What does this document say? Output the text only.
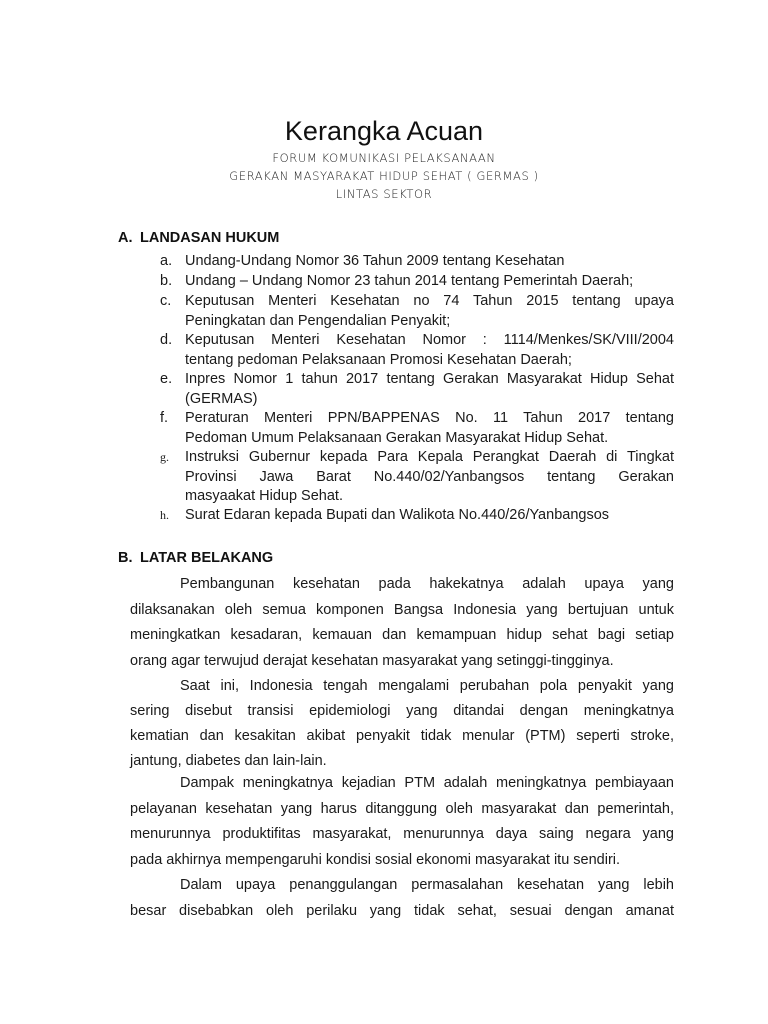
Kerangka Acuan
FORUM KOMUNIKASI PELAKSANAAN
GERAKAN MASYARAKAT HIDUP SEHAT ( GERMAS )
LINTAS SEKTOR
A. LANDASAN HUKUM
a. Undang-Undang Nomor 36 Tahun 2009 tentang Kesehatan
b. Undang – Undang Nomor 23 tahun 2014 tentang Pemerintah Daerah;
c. Keputusan Menteri Kesehatan no 74 Tahun 2015 tentang upaya
Peningkatan dan Pengendalian Penyakit;
d. Keputusan Menteri Kesehatan Nomor : 1114/Menkes/SK/VIII/2004
tentang pedoman Pelaksanaan Promosi Kesehatan Daerah;
e. Inpres Nomor 1 tahun 2017 tentang Gerakan Masyarakat Hidup Sehat
(GERMAS)
f.	Peraturan Menteri PPN/BAPPENAS No. 11 Tahun 2017 tentang
Pedoman Umum Pelaksanaan Gerakan Masyarakat Hidup Sehat.
g.	Instruksi Gubernur kepada Para Kepala Perangkat Daerah di Tingkat
Provinsi Jawa Barat No.440/02/Yanbangsos tentang Gerakan
masyaakat Hidup Sehat.
h.	Surat Edaran kepada Bupati dan Walikota No.440/26/Yanbangsos
B. LATAR BELAKANG
Pembangunan kesehatan pada hakekatnya adalah upaya yang
dilaksanakan oleh semua komponen Bangsa Indonesia yang bertujuan untuk
meningkatkan kesadaran, kemauan dan kemampuan hidup sehat bagi setiap
orang agar terwujud derajat kesehatan masyarakat yang setinggi-tingginya.
Saat ini, Indonesia tengah mengalami perubahan pola penyakit yang
sering disebut transisi epidemiologi yang ditandai dengan meningkatnya
kematian dan kesakitan akibat penyakit tidak menular (PTM) seperti stroke,
jantung, diabetes dan lain-lain.
Dampak meningkatnya kejadian PTM adalah meningkatnya pembiayaan
pelayanan kesehatan yang harus ditanggung oleh masyarakat dan pemerintah,
menurunnya produktifitas masyarakat, menurunnya daya saing negara yang
pada akhirnya mempengaruhi kondisi sosial ekonomi masyarakat itu sendiri.
Dalam upaya penanggulangan permasalahan kesehatan yang lebih
besar disebabkan oleh perilaku yang tidak sehat, sesuai dengan amanat
